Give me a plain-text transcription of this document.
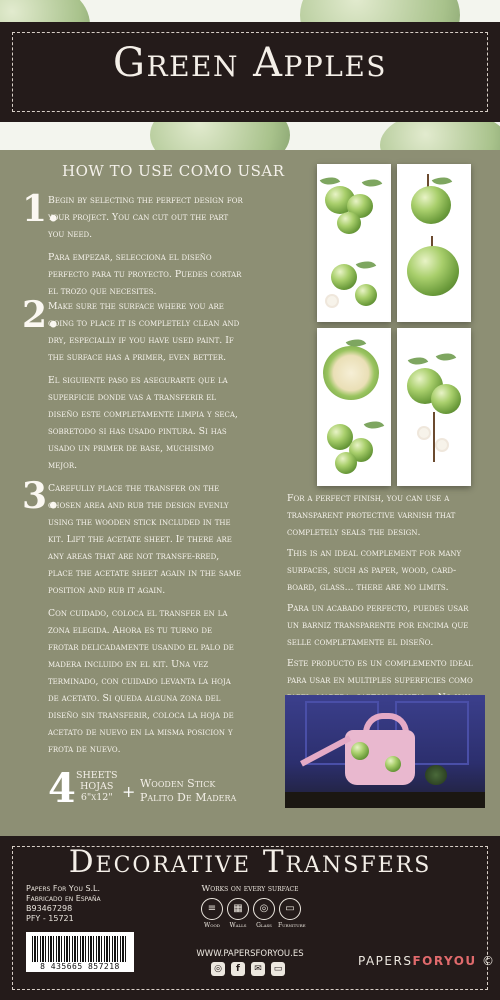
Green Apples
HOW TO USE COMO USAR
1.

Begin by selecting the perfect design for your project. You can cut out the part you need.

Para empezar, selecciona el diseño perfecto para tu proyecto. Puedes cortar el trozo que necesites.

2.

Make sure the surface where you are going to place it is completely clean and dry, especially if you have used paint. If the surface has a primer, even better.

El siguiente paso es asegurarte que la superficie donde vas a transferir el diseño este completamente limpia y seca, sobretodo si has usado pintura. Si has usado un primer de base, muchisimo mejor.

3.

Carefully place the transfer on the chosen area and rub the design evenly using the wooden stick included in the kit. Lift the acetate sheet. If there are any areas that are not transfe-rred, place the acetate sheet again in the same position and rub it again.

Con cuidado, coloca el transfer en la zona elegida. Ahora es tu turno de frotar delicadamente usando el palo de madera incluido en el kit. Una vez terminado, con cuidado levanta la hoja de acetato. Si queda alguna zona del diseño sin transferir, coloca la hoja de acetato de nuevo en la misma posicion y frota de nuevo.

For a perfect finish, you can use a transparent protective varnish that completely seals the design.

This is an ideal complement for many surfaces, such as paper, wood, card-board, glass... there are no limits.

Para un acabado perfecto, puedes usar un barniz transparente por encima que selle completamente el diseño.

Este producto es un complemento ideal para usar en multiples superficies como

4 SHEETS
HOJAS
6"x12" + Wooden Stick
Palito De Madera
Decorative Transfers
Papers For You S.L.
Fabricado en España
B93467298
PFY - 15721
8 435665 857218
Works on every surface
≡
Wood
▦
Walls
◎
Glass
▭
Furniture
WWW.PAPERSFORYOU.ES
◎	f	✉	▭
PAPERSFORYOU ©
